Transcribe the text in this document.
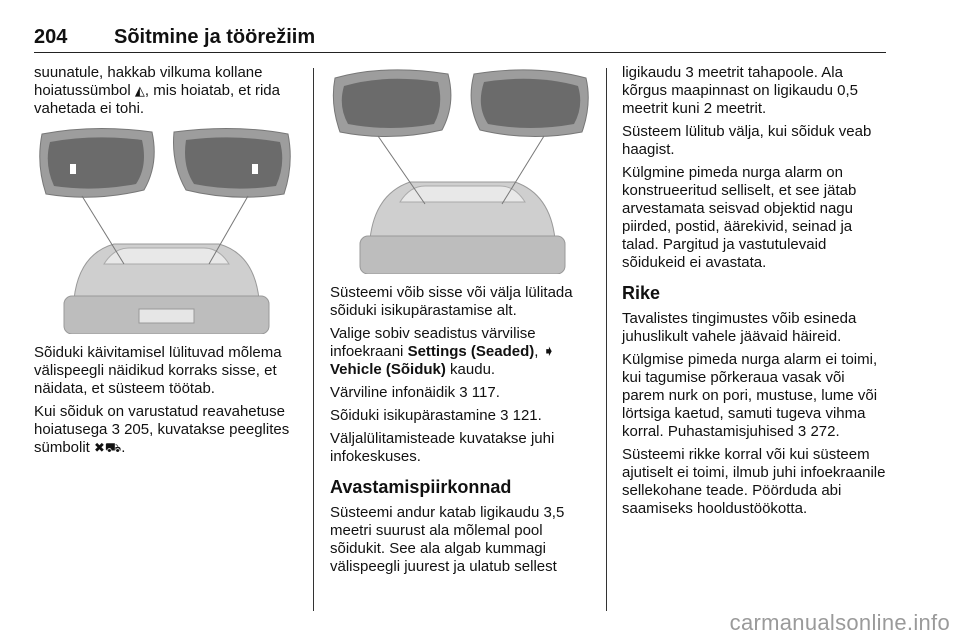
204 Sõitmine ja töörežiim

suunatule, hakkab vilkuma kollane hoiatussümbol ◭, mis hoiatab, et rida vahetada ei tohi.

Sõiduki käivitamisel lülituvad mõlema välispeegli näidikud korraks sisse, et näidata, et süsteem töötab.

Kui sõiduk on varustatud reavahetuse hoiatusega 3 205, kuvatakse peeglites sümbolit ✖⛟.

Süsteemi võib sisse või välja lülitada sõiduki isikupärastamise alt.

Valige sobiv seadistus värvilise infoekraani Settings (Seaded), ➧
Vehicle (Sõiduk) kaudu.

Värviline infonäidik 3 117.

Sõiduki isikupärastamine 3 121.

Väljalülitamisteade kuvatakse juhi infokeskuses.

Avastamispiirkonnad

Süsteemi andur katab ligikaudu 3,5 meetri suurust ala mõlemal pool sõidukit. See ala algab kummagi välispeegli juurest ja ulatub sellest

ligikaudu 3 meetrit tahapoole. Ala kõrgus maapinnast on ligikaudu 0,5 meetrit kuni 2 meetrit.

Süsteem lülitub välja, kui sõiduk veab haagist.

Külgmine pimeda nurga alarm on konstrueeritud selliselt, et see jätab arvestamata seisvad objektid nagu piirded, postid, äärekivid, seinad ja talad. Pargitud ja vastutulevaid sõidukeid ei avastata.

Rike

Tavalistes tingimustes võib esineda juhuslikult vahele jäävaid häireid.

Külgmise pimeda nurga alarm ei toimi, kui tagumise põrkeraua vasak või parem nurk on pori, mustuse, lume või lörtsiga kaetud, samuti tugeva vihma korral. Puhastamisjuhised 3 272.

Süsteemi rikke korral või kui süsteem ajutiselt ei toimi, ilmub juhi infoekraanile sellekohane teade. Pöörduda abi saamiseks hooldustöökotta.

carmanualsonline.info
